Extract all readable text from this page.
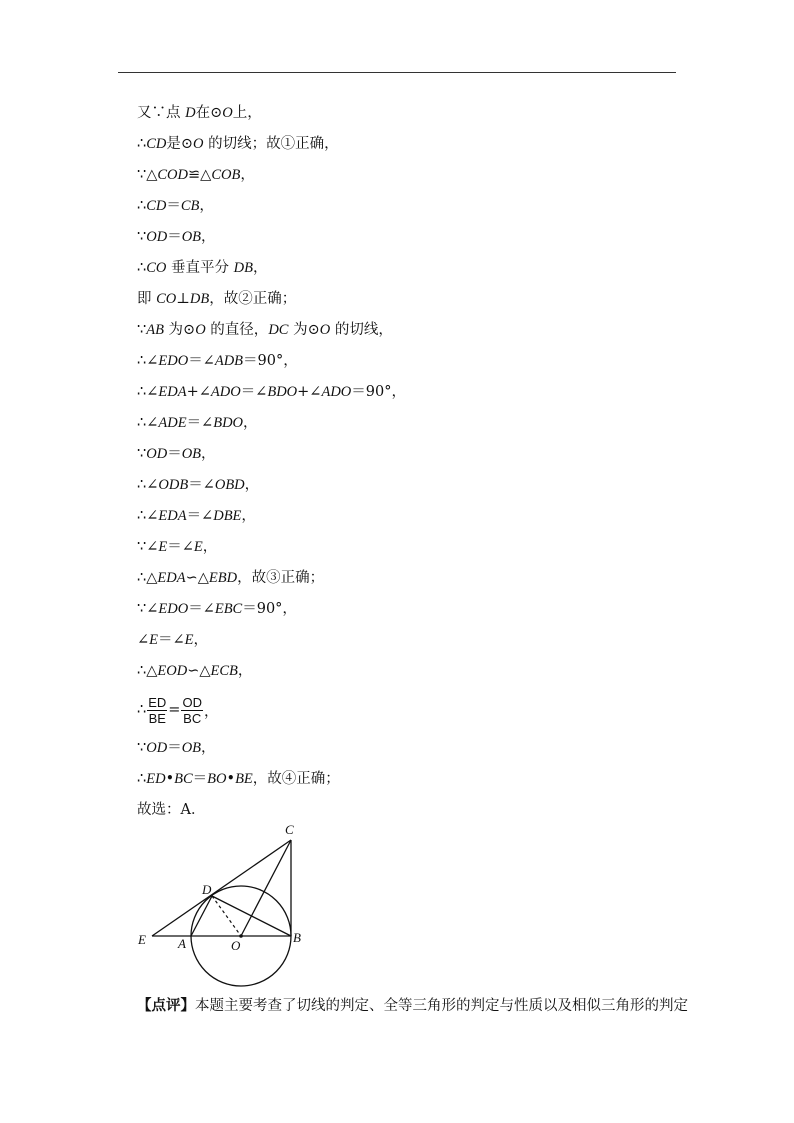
又∵点 D在⊙O上，
∴CD是⊙O 的切线；故①正确，
∵△COD≌△COB，
∴CD＝CB，
∵OD＝OB，
∴CO 垂直平分 DB，
即 CO⊥DB，故②正确；
∵AB 为⊙O 的直径，DC 为⊙O 的切线，
∴∠EDO＝∠ADB＝90°，
∴∠EDA+∠ADO＝∠BDO+∠ADO＝90°，
∴∠ADE＝∠BDO，
∵OD＝OB，
∴∠ODB＝∠OBD，
∴∠EDA＝∠DBE，
∵∠E＝∠E，
∴△EDA∽△EBD，故③正确；
∵∠EDO＝∠EBC＝90°，
∠E＝∠E，
∴△EOD∽△ECB，
∴ $\frac{ED}{BE} = \frac{OD}{BC}$ ，
∵OD＝OB，
∴ED•BC＝BO•BE，故④正确；
故选：A．
C
D
E A	O
B
【点评】本题主要考查了切线的判定、全等三角形的判定与性质以及相似三角形的判定
